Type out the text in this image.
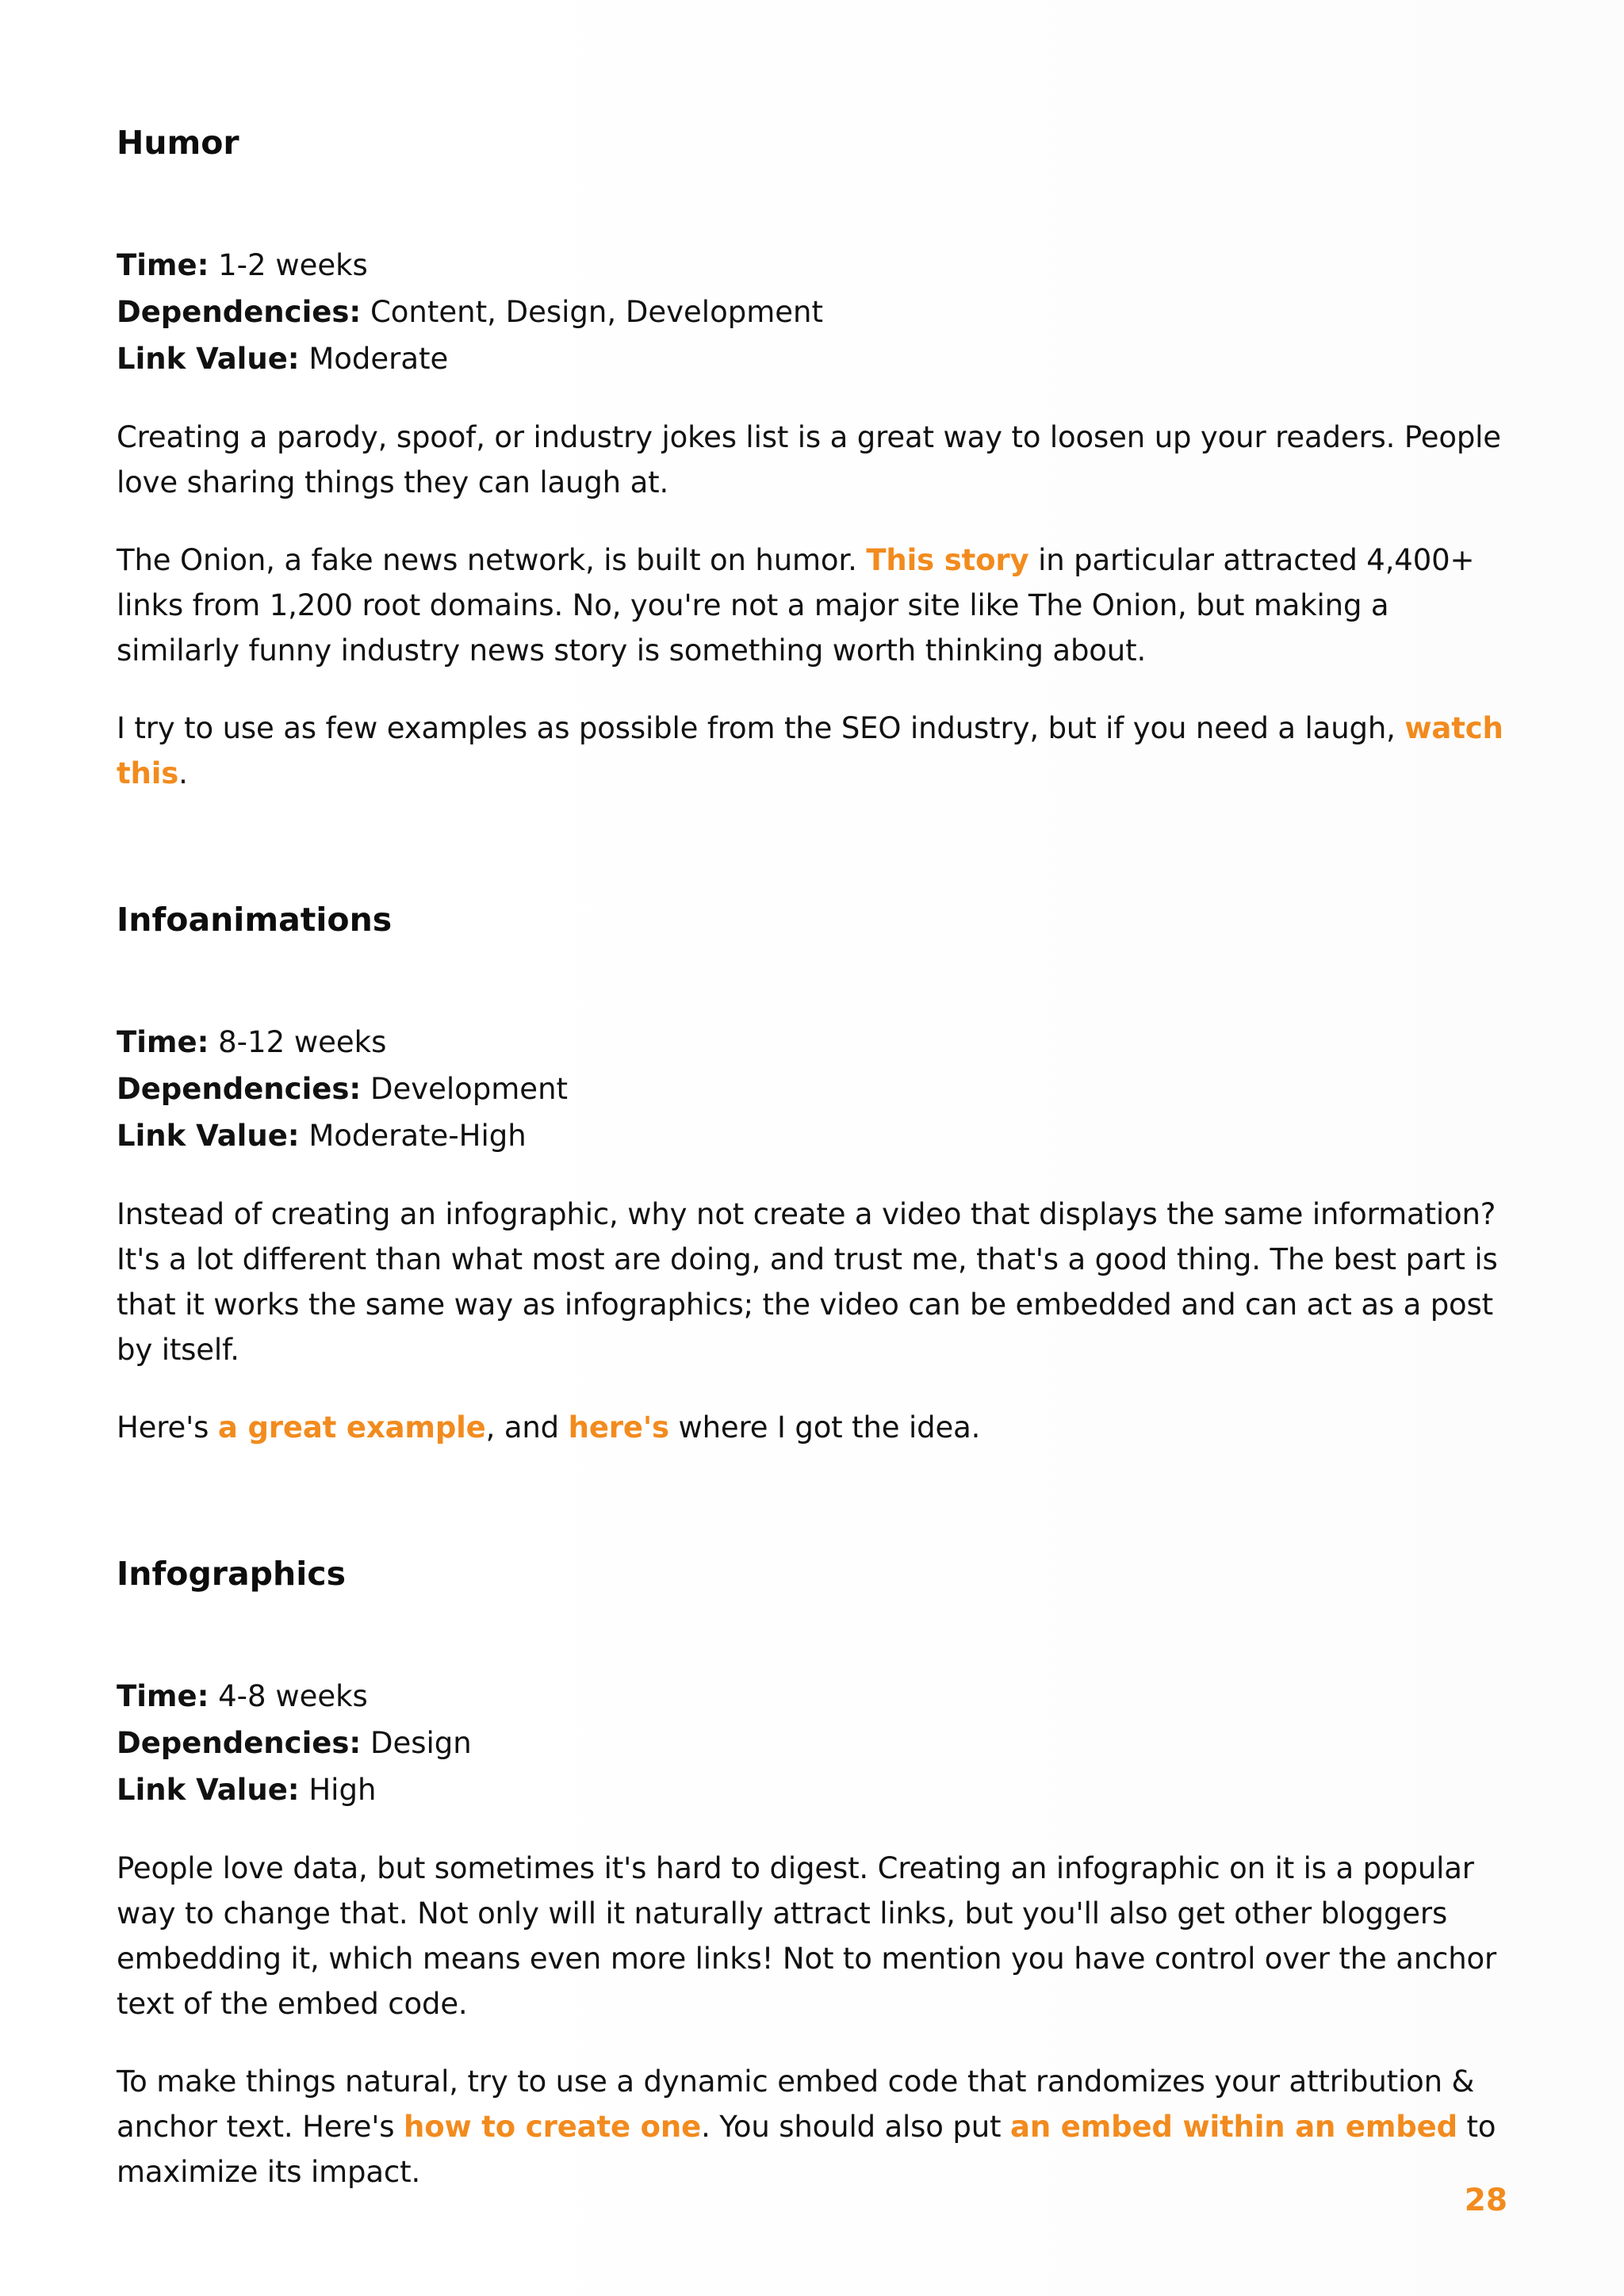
Humor
Time: 1-2 weeks
Dependencies: Content, Design, Development
Link Value: Moderate

Creating a parody, spoof, or industry jokes list is a great way to loosen up your readers. People love sharing things they can laugh at.

The Onion, a fake news network, is built on humor. This story in particular attracted 4,400+ links from 1,200 root domains. No, you're not a major site like The Onion, but making a similarly funny industry news story is something worth thinking about.

I try to use as few examples as possible from the SEO industry, but if you need a laugh, watch this.

Infoanimations
Time: 8-12 weeks
Dependencies: Development
Link Value: Moderate-High

Instead of creating an infographic, why not create a video that displays the same information? It's a lot different than what most are doing, and trust me, that's a good thing. The best part is that it works the same way as infographics; the video can be embedded and can act as a post by itself.

Here's a great example, and here's where I got the idea.

Infographics
Time: 4-8 weeks
Dependencies: Design
Link Value: High

People love data, but sometimes it's hard to digest. Creating an infographic on it is a popular way to change that. Not only will it naturally attract links, but you'll also get other bloggers embedding it, which means even more links! Not to mention you have control over the anchor text of the embed code.

To make things natural, try to use a dynamic embed code that randomizes your attribution & anchor text. Here's how to create one. You should also put an embed within an embed to maximize its impact.

28
